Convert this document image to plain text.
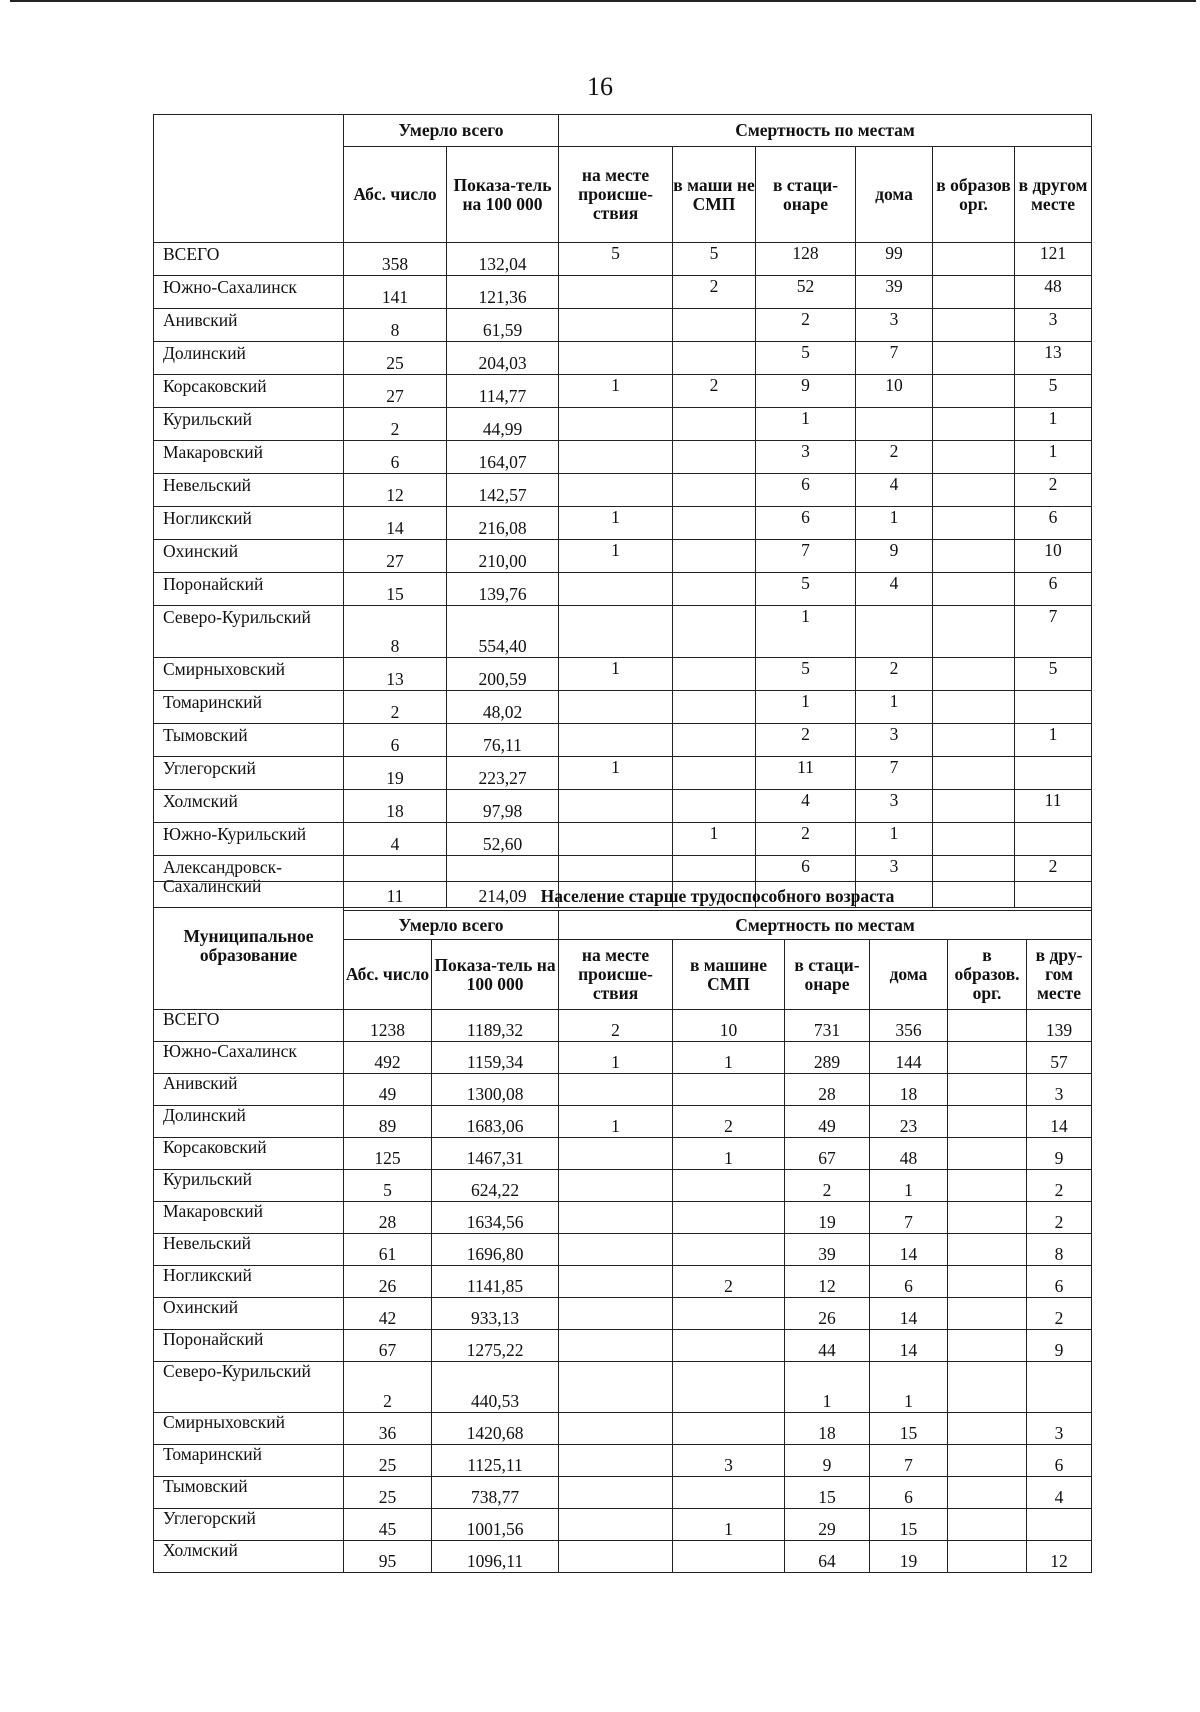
16
	Умерло всего		Смертность по местам					
	Абс. число	Показа-тель на 100 000	на месте происше-ствия	в маши не СМП	в стаци-онаре	дома	в образов орг.	в другом месте
ВСЕГО	358	132,04	5	5	128	99		121
Южно-Сахалинск	141	121,36		2	52	39		48
Анивский	8	61,59			2	3		3
Долинский	25	204,03			5	7		13
Корсаковский	27	114,77	1	2	9	10		5
Курильский	2	44,99			1			1
Макаровский	6	164,07			3	2		1
Невельский	12	142,57			6	4		2
Ногликский	14	216,08	1		6	1		6
Охинский	27	210,00	1		7	9		10
Поронайский	15	139,76			5	4		6
Северо-Курильский	8	554,40			1			7
Смирныховский	13	200,59	1		5	2		5
Томаринский	2	48,02			1	1		
Тымовский	6	76,11			2	3		1
Углегорский	19	223,27	1		11	7		
Холмский	18	97,98			4	3		11
Южно-Курильский	4	52,60		1	2	1		
Александровск-Сахалинский	11	214,09			6	3		2
Муниципальное образование	Население старше трудоспособного возраста							
	Умерло всего		Смертность по местам					
	Абс. число	Показа-тель на 100 000	на месте происше-ствия	в машине СМП	в стаци-онаре	дома	в образов. орг.	в дру-гом месте
ВСЕГО	1238	1189,32	2	10	731	356		139
Южно-Сахалинск	492	1159,34	1	1	289	144		57
Анивский	49	1300,08			28	18		3
Долинский	89	1683,06	1	2	49	23		14
Корсаковский	125	1467,31		1	67	48		9
Курильский	5	624,22			2	1		2
Макаровский	28	1634,56			19	7		2
Невельский	61	1696,80			39	14		8
Ногликский	26	1141,85		2	12	6		6
Охинский	42	933,13			26	14		2
Поронайский	67	1275,22			44	14		9
Северо-Курильский	2	440,53			1	1		
Смирныховский	36	1420,68			18	15		3
Томаринский	25	1125,11		3	9	7		6
Тымовский	25	738,77			15	6		4
Углегорский	45	1001,56		1	29	15		
Холмский	95	1096,11			64	19		12
